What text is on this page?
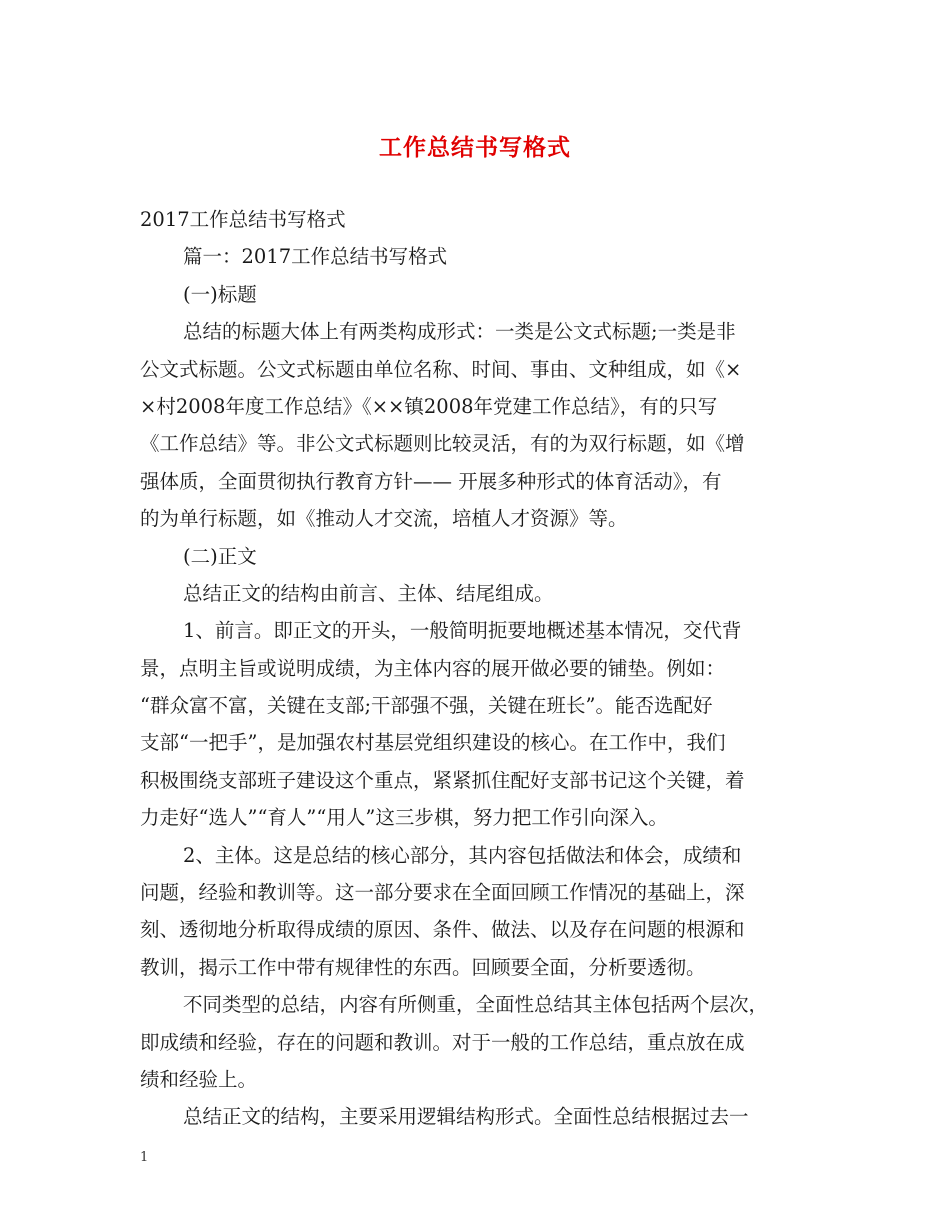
工作总结书写格式
2017工作总结书写格式
篇一：2017工作总结书写格式
(一)标题
总结的标题大体上有两类构成形式：一类是公文式标题;一类是非
公文式标题。公文式标题由单位名称、时间、事由、文种组成，如《×
×村2008年度工作总结》《××镇2008年党建工作总结》，有的只写
《工作总结》等。非公文式标题则比较灵活，有的为双行标题，如《增
强体质，全面贯彻执行教育方针—— 开展多种形式的体育活动》，有
的为单行标题，如《推动人才交流，培植人才资源》等。
(二)正文
总结正文的结构由前言、主体、结尾组成。
1、前言。即正文的开头，一般简明扼要地概述基本情况，交代背
景，点明主旨或说明成绩，为主体内容的展开做必要的铺垫。例如：
“群众富不富，关键在支部;干部强不强，关键在班长”。能否选配好
支部“一把手”，是加强农村基层党组织建设的核心。在工作中，我们
积极围绕支部班子建设这个重点，紧紧抓住配好支部书记这个关键，着
力走好“选人”“育人”“用人”这三步棋，努力把工作引向深入。
2、主体。这是总结的核心部分，其内容包括做法和体会，成绩和
问题，经验和教训等。这一部分要求在全面回顾工作情况的基础上，深
刻、透彻地分析取得成绩的原因、条件、做法、以及存在问题的根源和
教训，揭示工作中带有规律性的东西。回顾要全面，分析要透彻。
不同类型的总结，内容有所侧重，全面性总结其主体包括两个层次，
即成绩和经验，存在的问题和教训。对于一般的工作总结，重点放在成
绩和经验上。
总结正文的结构，主要采用逻辑结构形式。全面性总结根据过去一
1
